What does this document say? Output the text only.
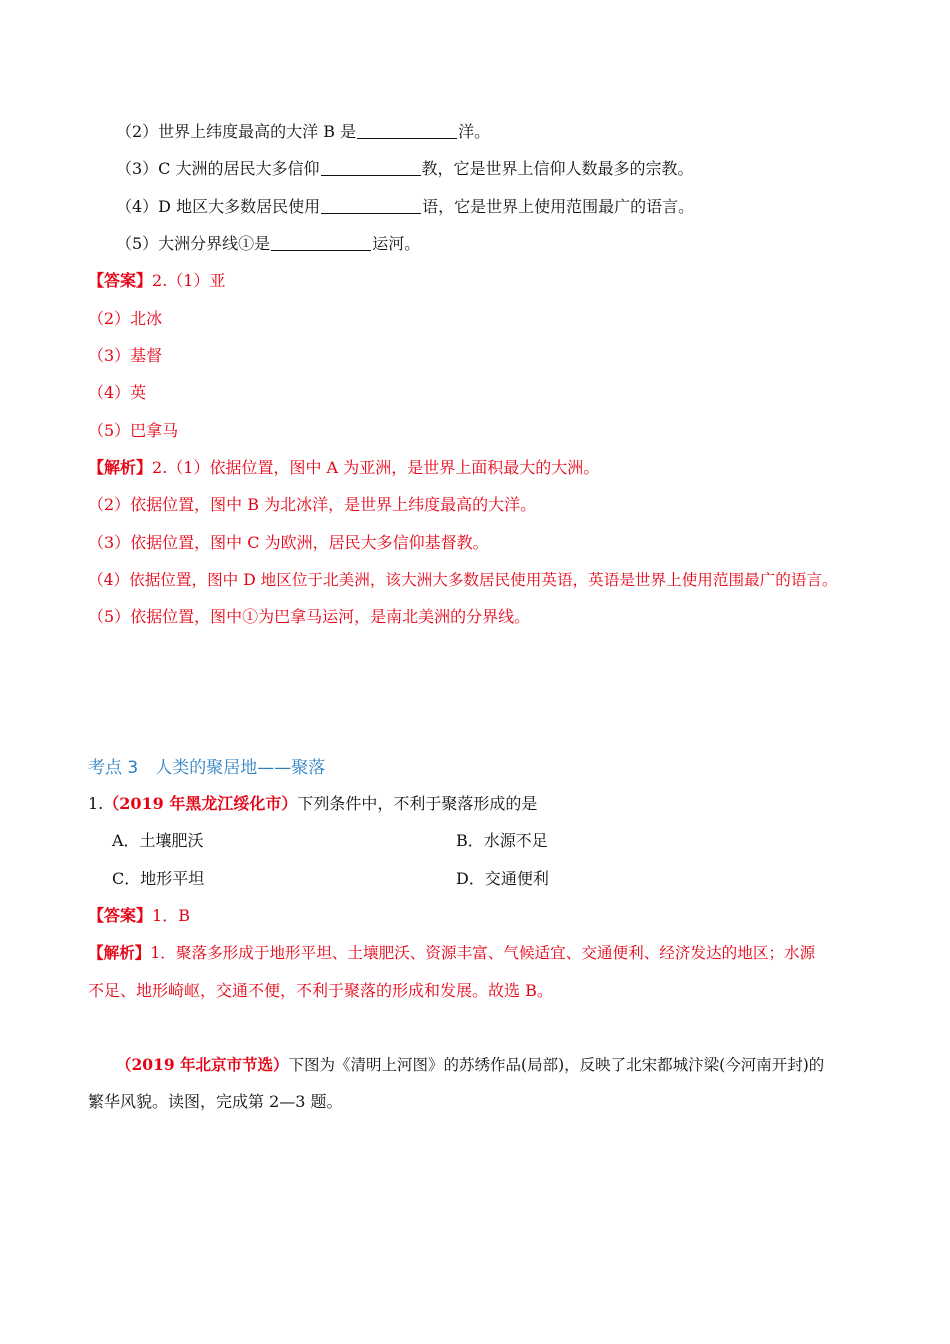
（2）世界上纬度最高的大洋 B 是	洋。
（3）C 大洲的居民大多信仰	教，它是世界上信仰人数最多的宗教。
（4）D 地区大多数居民使用	语，它是世界上使用范围最广的语言。
（5）大洲分界线①是	运河。
【答案】2.（1）亚
（2）北冰
（3）基督
（4）英
（5）巴拿马
【解析】2.（1）依据位置，图中 A 为亚洲，是世界上面积最大的大洲。
（2）依据位置，图中 B 为北冰洋，是世界上纬度最高的大洋。
（3）依据位置，图中 C 为欧洲，居民大多信仰基督教。
（4）依据位置，图中 D 地区位于北美洲，该大洲大多数居民使用英语，英语是世界上使用范围最广的语言。
（5）依据位置，图中①为巴拿马运河，是南北美洲的分界线。
考点 3　人类的聚居地——聚落
1.（2019 年黑龙江绥化市）下列条件中，不利于聚落形成的是
A．土壤肥沃	B．水源不足
C．地形平坦	D．交通便利
【答案】1．B
【解析】1．聚落多形成于地形平坦、土壤肥沃、资源丰富、气候适宜、交通便利、经济发达的地区；水源
不足、地形崎岖，交通不便，不利于聚落的形成和发展。故选 B。
（2019 年北京市节选）下图为《清明上河图》的苏绣作品(局部)，反映了北宋都城汴梁(今河南开封)的
繁华风貌。读图，完成第 2—3 题。
